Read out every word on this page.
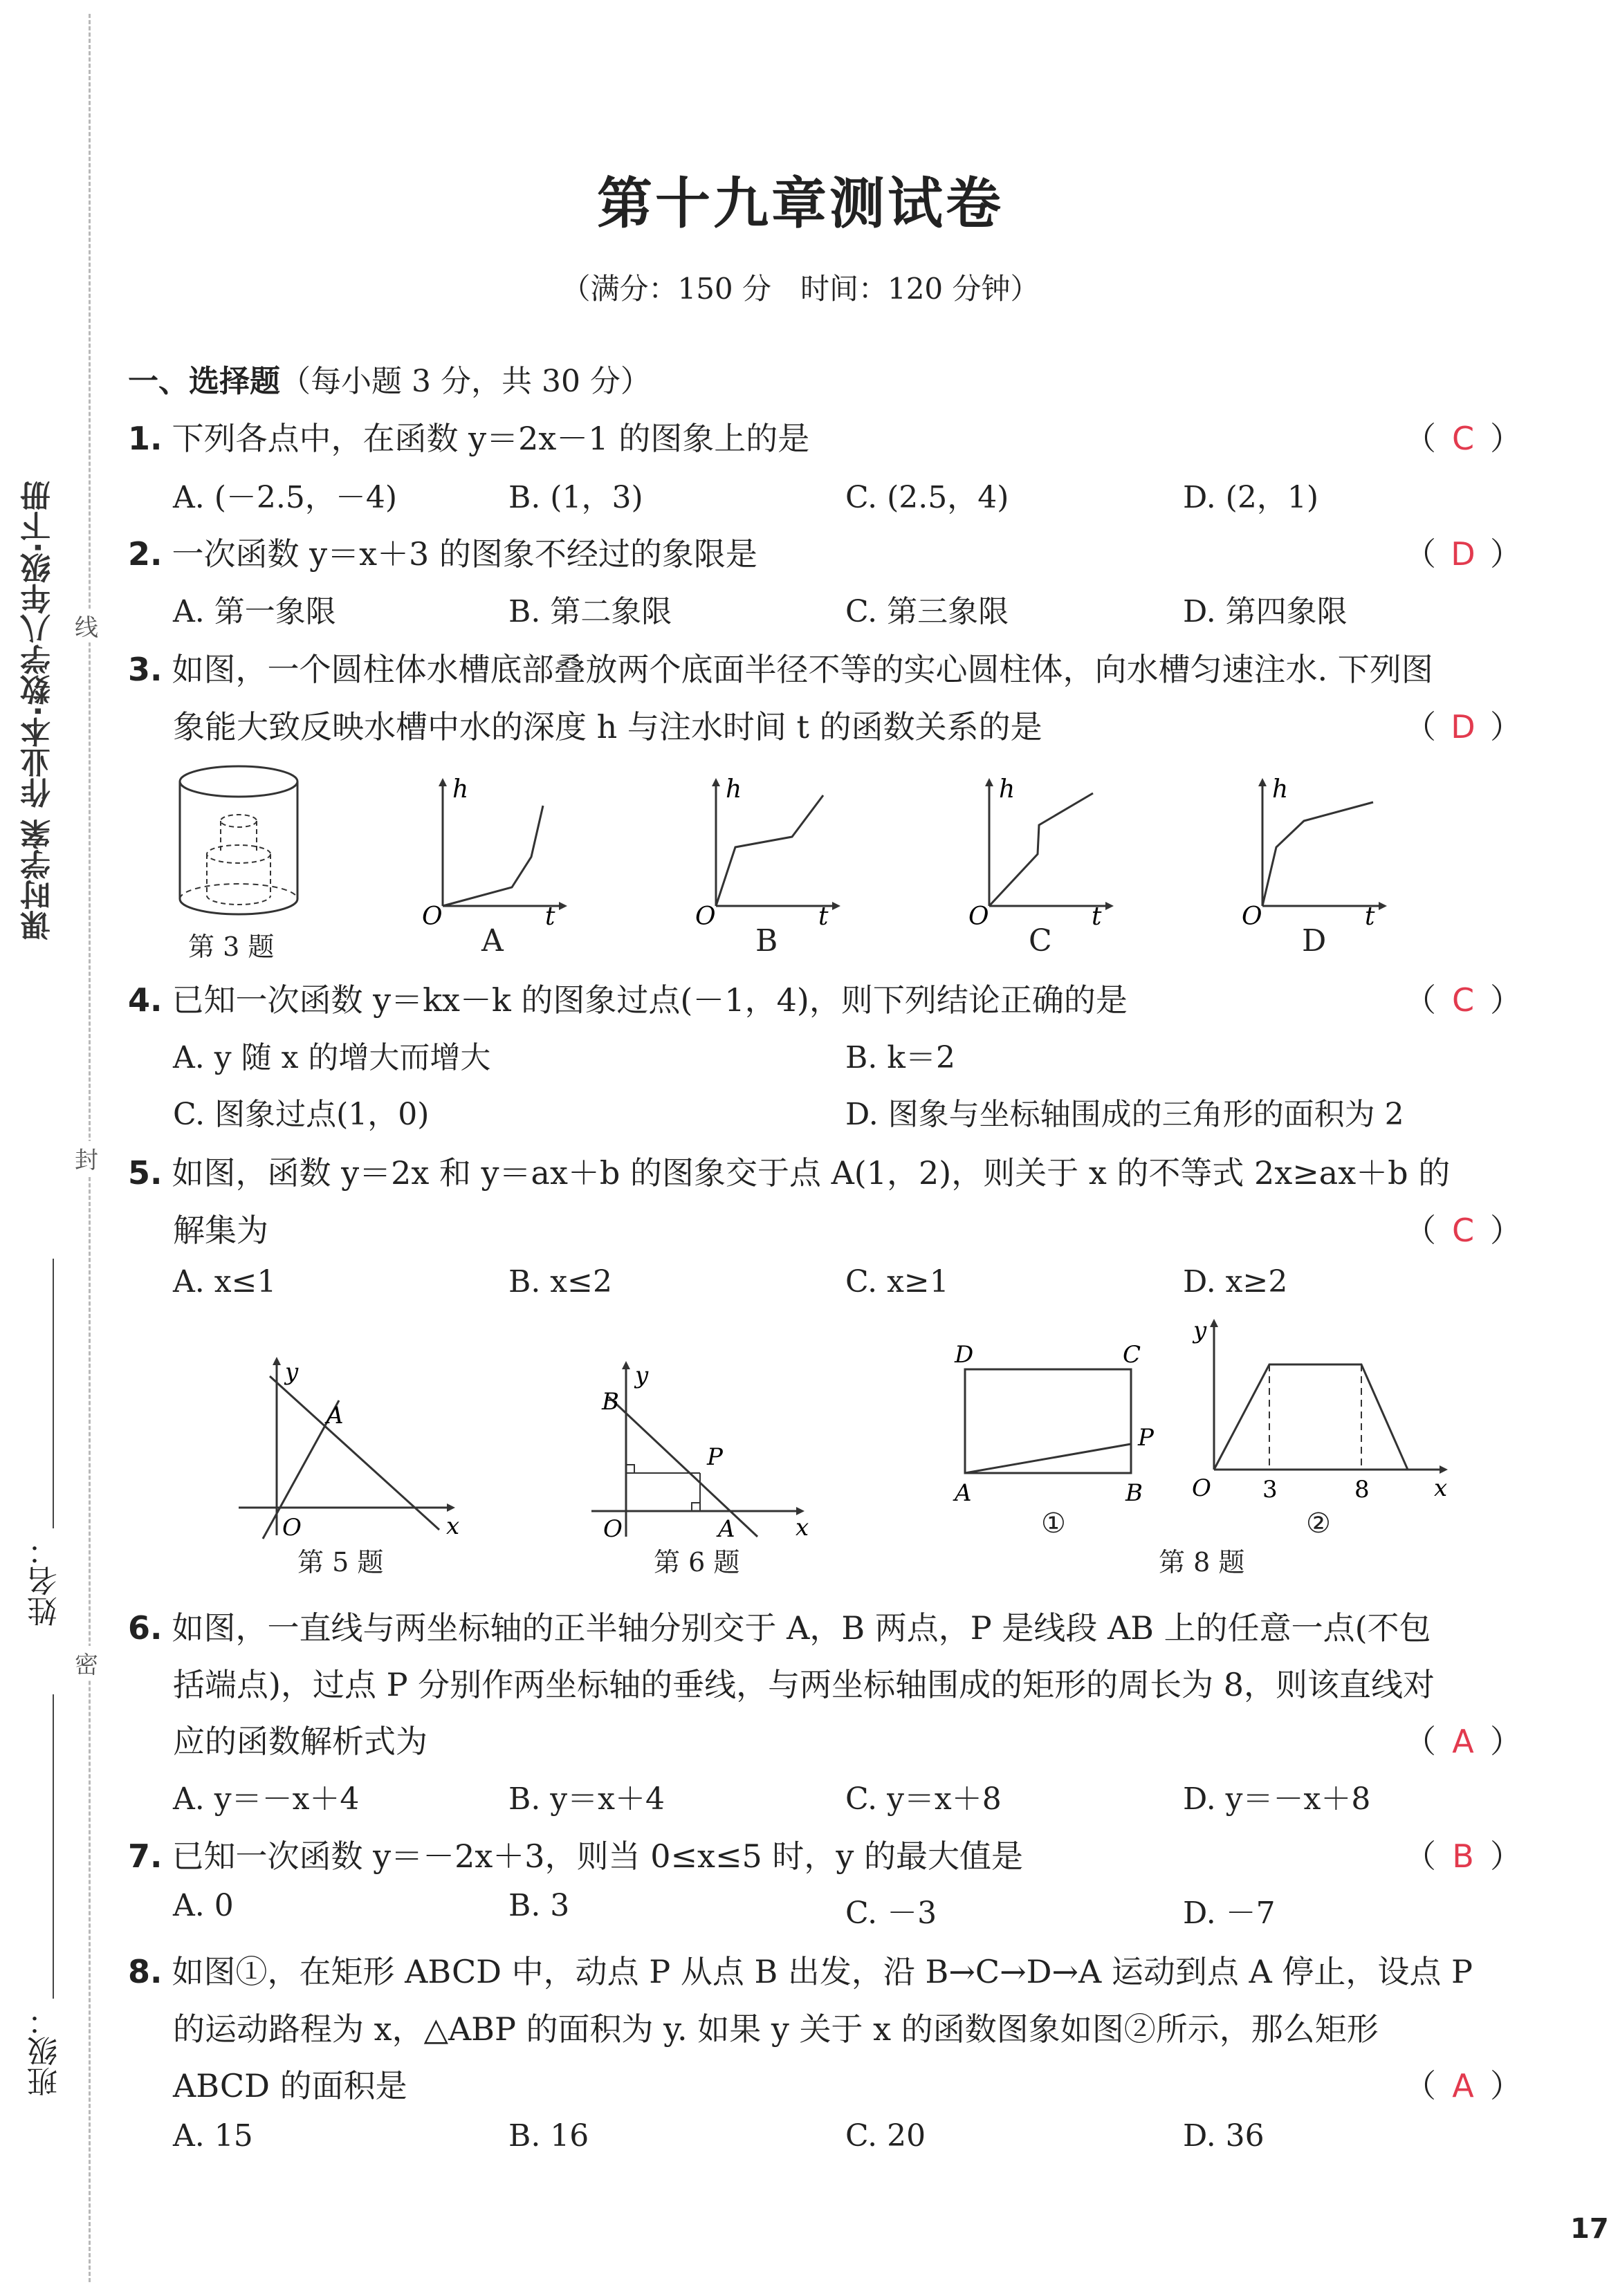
课时学案 作业本·数学八年级·下册 线
封
密
姓名：
班级：
第十九章测试卷
（满分：150 分　时间：120 分钟）
一、选择题（每小题 3 分，共 30 分）
1. 下列各点中，在函数 y＝2x－1 的图象上的是	（ C ）
A. (－2.5，－4)	B. (1，3)	C. (2.5，4)	D. (2，1)
2. 一次函数 y＝x＋3 的图象不经过的象限是	（ D ）
A. 第一象限	B. 第二象限	C. 第三象限	D. 第四象限
3. 如图，一个圆柱体水槽底部叠放两个底面半径不等的实心圆柱体，向水槽匀速注水. 下列图
象能大致反映水槽中水的深度 h 与注水时间 t 的函数关系的是	（ D ）
第 3 题
h
O	t
A
h
O	t
B
h
O	t
C
h
O	t
D
4. 已知一次函数 y＝kx－k 的图象过点(－1，4)，则下列结论正确的是	（ C ）
A. y 随 x 的增大而增大	B. k＝2
C. 图象过点(1，0)	D. 图象与坐标轴围成的三角形的面积为 2
5. 如图，函数 y＝2x 和 y＝ax＋b 的图象交于点 A(1，2)，则关于 x 的不等式 2x≥ax＋b 的
解集为	（ C ）
A. x≤1	B. x≤2	C. x≥1	D. x≥2
y
x
O
A
第 5 题
y
x
O
B
P
A
第 6 题
D	C
A	B
P
①
y
x
O 3	8
②
第 8 题
6. 如图，一直线与两坐标轴的正半轴分别交于 A，B 两点，P 是线段 AB 上的任意一点(不包
括端点)，过点 P 分别作两坐标轴的垂线，与两坐标轴围成的矩形的周长为 8，则该直线对
应的函数解析式为	（ A ）
A. y＝－x＋4	B. y＝x＋4	C. y＝x＋8	D. y＝－x＋8
7. 已知一次函数 y＝－2x＋3，则当 0≤x≤5 时，y 的最大值是	（ B ）
A. 0	B. 3	C. －3	D. －7
8. 如图①，在矩形 ABCD 中，动点 P 从点 B 出发，沿 B→C→D→A 运动到点 A 停止，设点 P
的运动路程为 x，△ABP 的面积为 y. 如果 y 关于 x 的函数图象如图②所示，那么矩形
ABCD 的面积是	（ A ）
A. 15	B. 16	C. 20	D. 36
17
